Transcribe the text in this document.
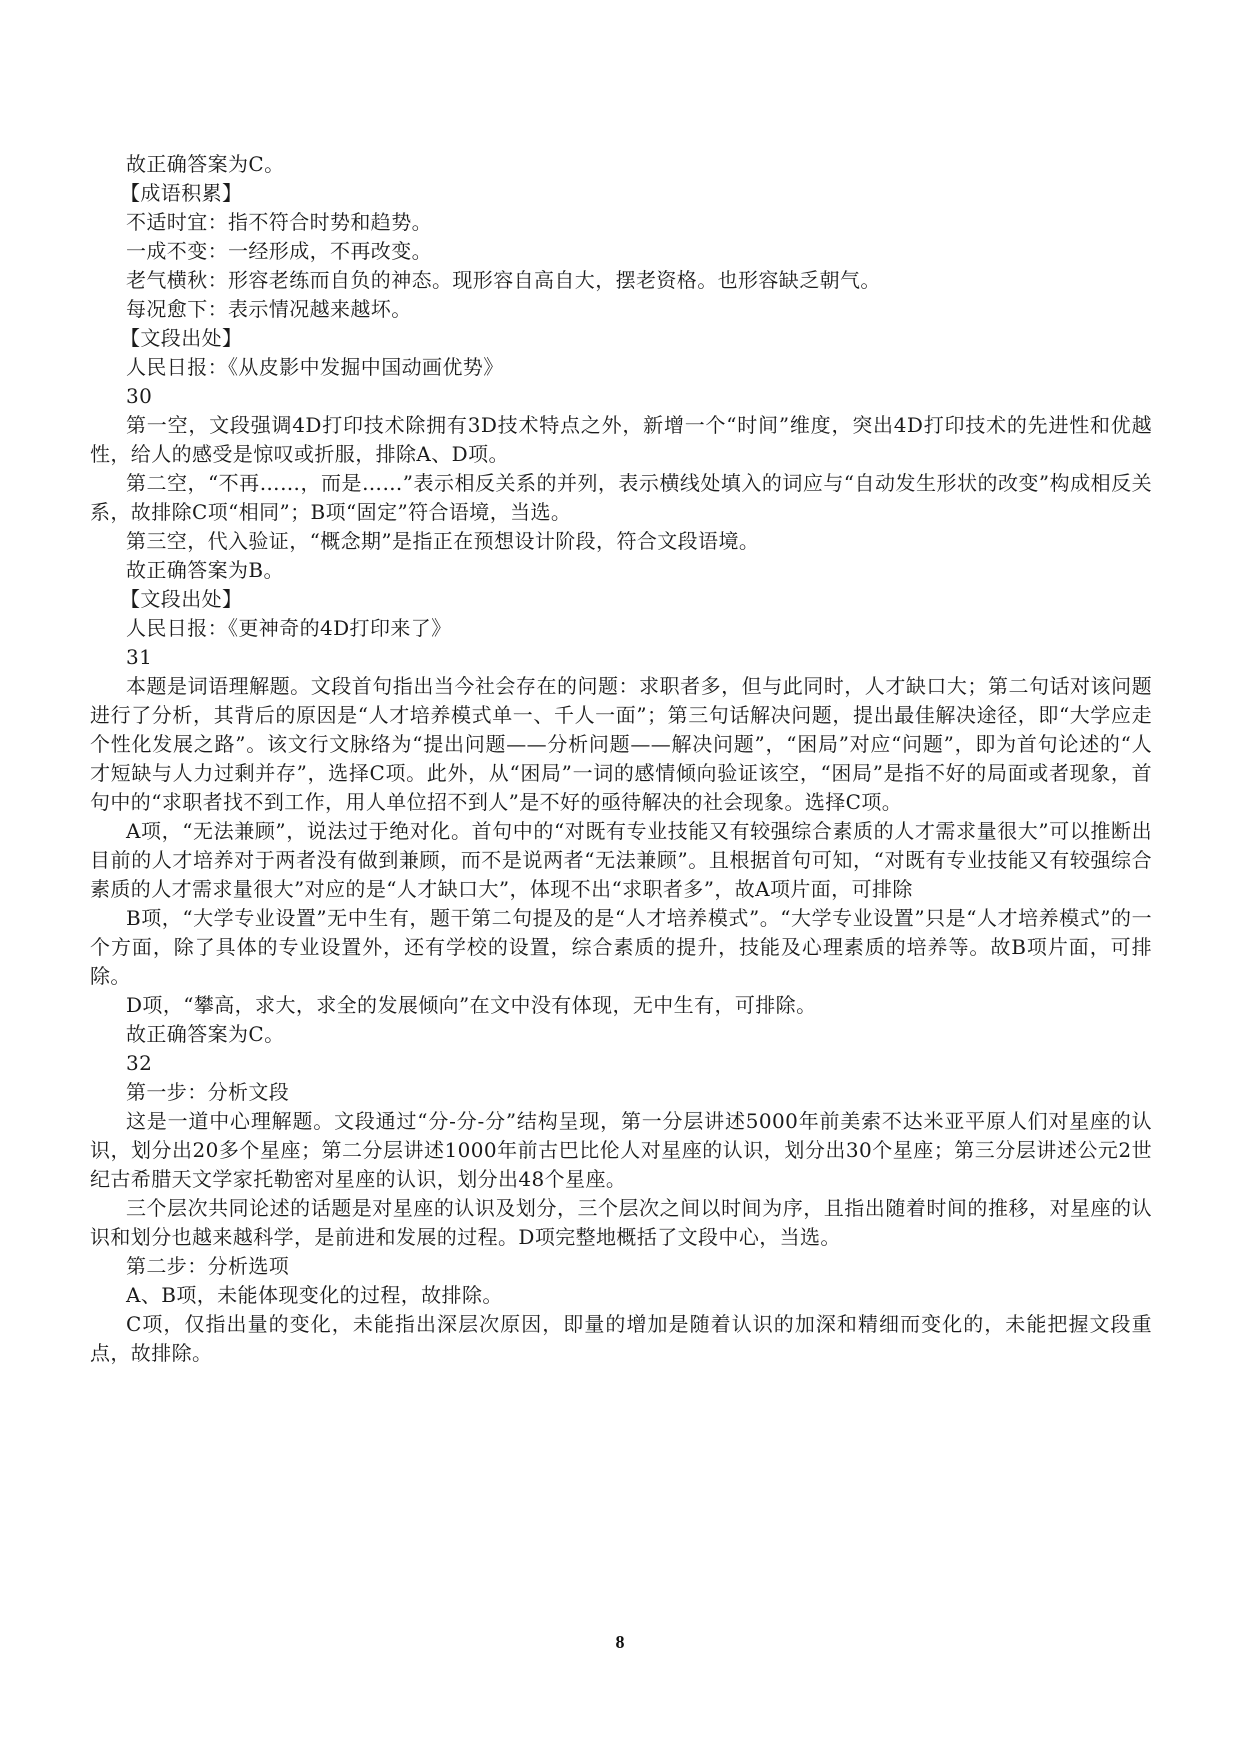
故正确答案为C。
【成语积累】
不适时宜：指不符合时势和趋势。
一成不变：一经形成，不再改变。
老气横秋：形容老练而自负的神态。现形容自高自大，摆老资格。也形容缺乏朝气。
每况愈下：表示情况越来越坏。
【文段出处】
人民日报：《从皮影中发掘中国动画优势》
30

第一空，文段强调4D打印技术除拥有3D技术特点之外，新增一个“时间”维度，突出4D打印技术的先进性和优越性，给人的感受是惊叹或折服，排除A、D项。

第二空，“不再……，而是……”表示相反关系的并列，表示横线处填入的词应与“自动发生形状的改变”构成相反关系，故排除C项“相同”；B项“固定”符合语境，当选。

第三空，代入验证，“概念期”是指正在预想设计阶段，符合文段语境。
故正确答案为B。
【文段出处】
人民日报：《更神奇的4D打印来了》
31

本题是词语理解题。文段首句指出当今社会存在的问题：求职者多，但与此同时，人才缺口大；第二句话对该问题进行了分析，其背后的原因是“人才培养模式单一、千人一面”；第三句话解决问题，提出最佳解决途径，即“大学应走个性化发展之路”。该文行文脉络为“提出问题——分析问题——解决问题”，“困局”对应“问题”，即为首句论述的“人才短缺与人力过剩并存”，选择C项。此外，从“困局”一词的感情倾向验证该空，“困局”是指不好的局面或者现象，首句中的“求职者找不到工作，用人单位招不到人”是不好的亟待解决的社会现象。选择C项。

A项，“无法兼顾”，说法过于绝对化。首句中的“对既有专业技能又有较强综合素质的人才需求量很大”可以推断出目前的人才培养对于两者没有做到兼顾，而不是说两者“无法兼顾”。且根据首句可知，“对既有专业技能又有较强综合素质的人才需求量很大”对应的是“人才缺口大”，体现不出“求职者多”，故A项片面，可排除

B项，“大学专业设置”无中生有，题干第二句提及的是“人才培养模式”。“大学专业设置”只是“人才培养模式”的一个方面，除了具体的专业设置外，还有学校的设置，综合素质的提升，技能及心理素质的培养等。故B项片面，可排除。

D项，“攀高，求大，求全的发展倾向”在文中没有体现，无中生有，可排除。
故正确答案为C。
32
第一步：分析文段

这是一道中心理解题。文段通过“分-分-分”结构呈现，第一分层讲述5000年前美索不达米亚平原人们对星座的认识，划分出20多个星座；第二分层讲述1000年前古巴比伦人对星座的认识，划分出30个星座；第三分层讲述公元2世纪古希腊天文学家托勒密对星座的认识，划分出48个星座。

三个层次共同论述的话题是对星座的认识及划分，三个层次之间以时间为序，且指出随着时间的推移，对星座的认识和划分也越来越科学，是前进和发展的过程。D项完整地概括了文段中心，当选。

第二步：分析选项
A、B项，未能体现变化的过程，故排除。

C项，仅指出量的变化，未能指出深层次原因，即量的增加是随着认识的加深和精细而变化的，未能把握文段重点，故排除。

8
